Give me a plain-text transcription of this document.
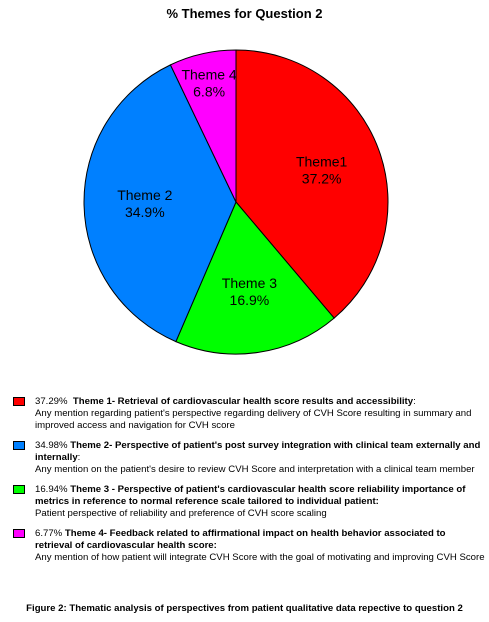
% Themes for Question 2
Theme1
37.2%
Theme 3
16.9%
Theme 2
34.9%
Theme 4
6.8%
37.29% Theme 1- Retrieval of cardiovascular health score results and accessibility:
Any mention regarding patient's perspective regarding delivery of CVH Score resulting in summary and improved access and navigation for CVH score
34.98% Theme 2- Perspective of patient's post survey integration with clinical team externally and internally:
Any mention on the patient's desire to review CVH Score and interpretation with a clinical team member
16.94% Theme 3 - Perspective of patient's cardiovascular health score reliability importance of metrics in reference to normal reference scale tailored to individual patient:
Patient perspective of reliability and preference of CVH score scaling
6.77% Theme 4- Feedback related to affirmational impact on health behavior associated to retrieval of cardiovascular health score:
Any mention of how patient will integrate CVH Score with the goal of motivating and improving CVH Score
Figure 2: Thematic analysis of perspectives from patient qualitative data repective to question 2
